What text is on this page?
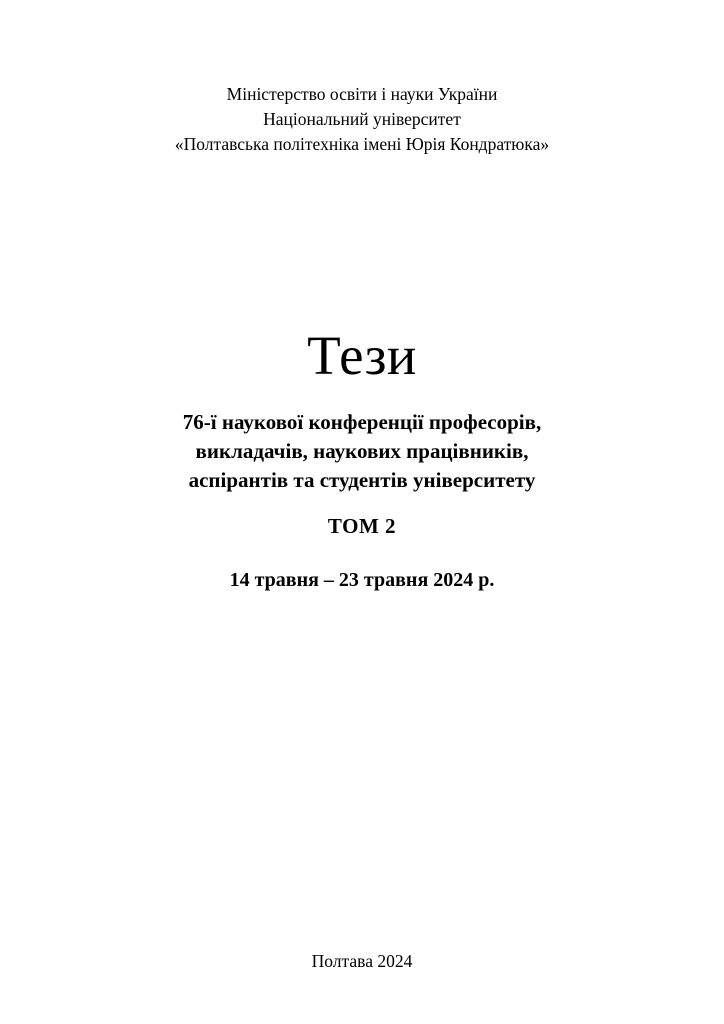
Міністерство освіти і науки України
Національний університет
«Полтавська політехніка імені Юрія Кондратюка»
Тези
76-ї наукової конференції професорів,
викладачів, наукових працівників,
аспірантів та студентів університету
ТОМ 2
14 травня – 23 травня 2024 р.
Полтава 2024
